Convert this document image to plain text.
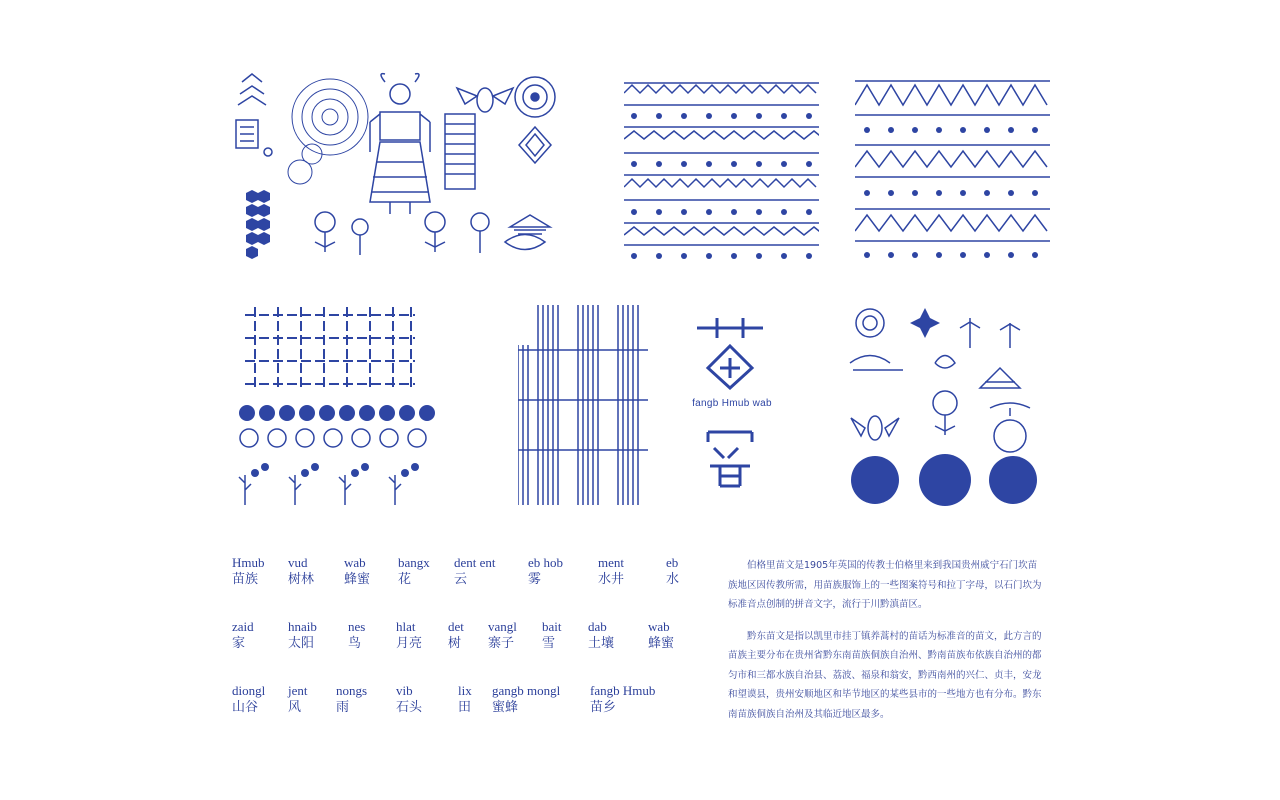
fangb Hmub wab
Hmub
苗族
vud
树林
wab
蜂蜜
bangx
花
dent ent
云
eb hob
雾
ment
水井
eb
水
zaid
家
hnaib
太阳
nes
鸟
hlat
月亮
det
树
vangl
寨子
bait
雪
dab
土壤
wab
蜂蜜
diongl
山谷
jent
风
nongs
雨
vib
石头
lix
田
gangb mongl
蜜蜂
fangb Hmub
苗乡

伯格里苗文是1905年英国的传教士伯格里来到我国贵州威宁石门坎苗族地区因传教所需，用苗族服饰上的一些图案符号和拉丁字母，以石门坎为标准音点创制的拼音文字，流行于川黔滇苗区。

黔东苗文是指以凯里市挂丁镇养蒿村的苗话为标准音的苗文，此方言的苗族主要分布在贵州省黔东南苗族侗族自治州、黔南苗族布依族自治州的都匀市和三都水族自治县、荔波、福泉和翁安，黔西南州的兴仁、贞丰，安龙和望谟县，贵州安顺地区和毕节地区的某些县市的一些地方也有分布。黔东南苗族侗族自治州及其临近地区最多。
